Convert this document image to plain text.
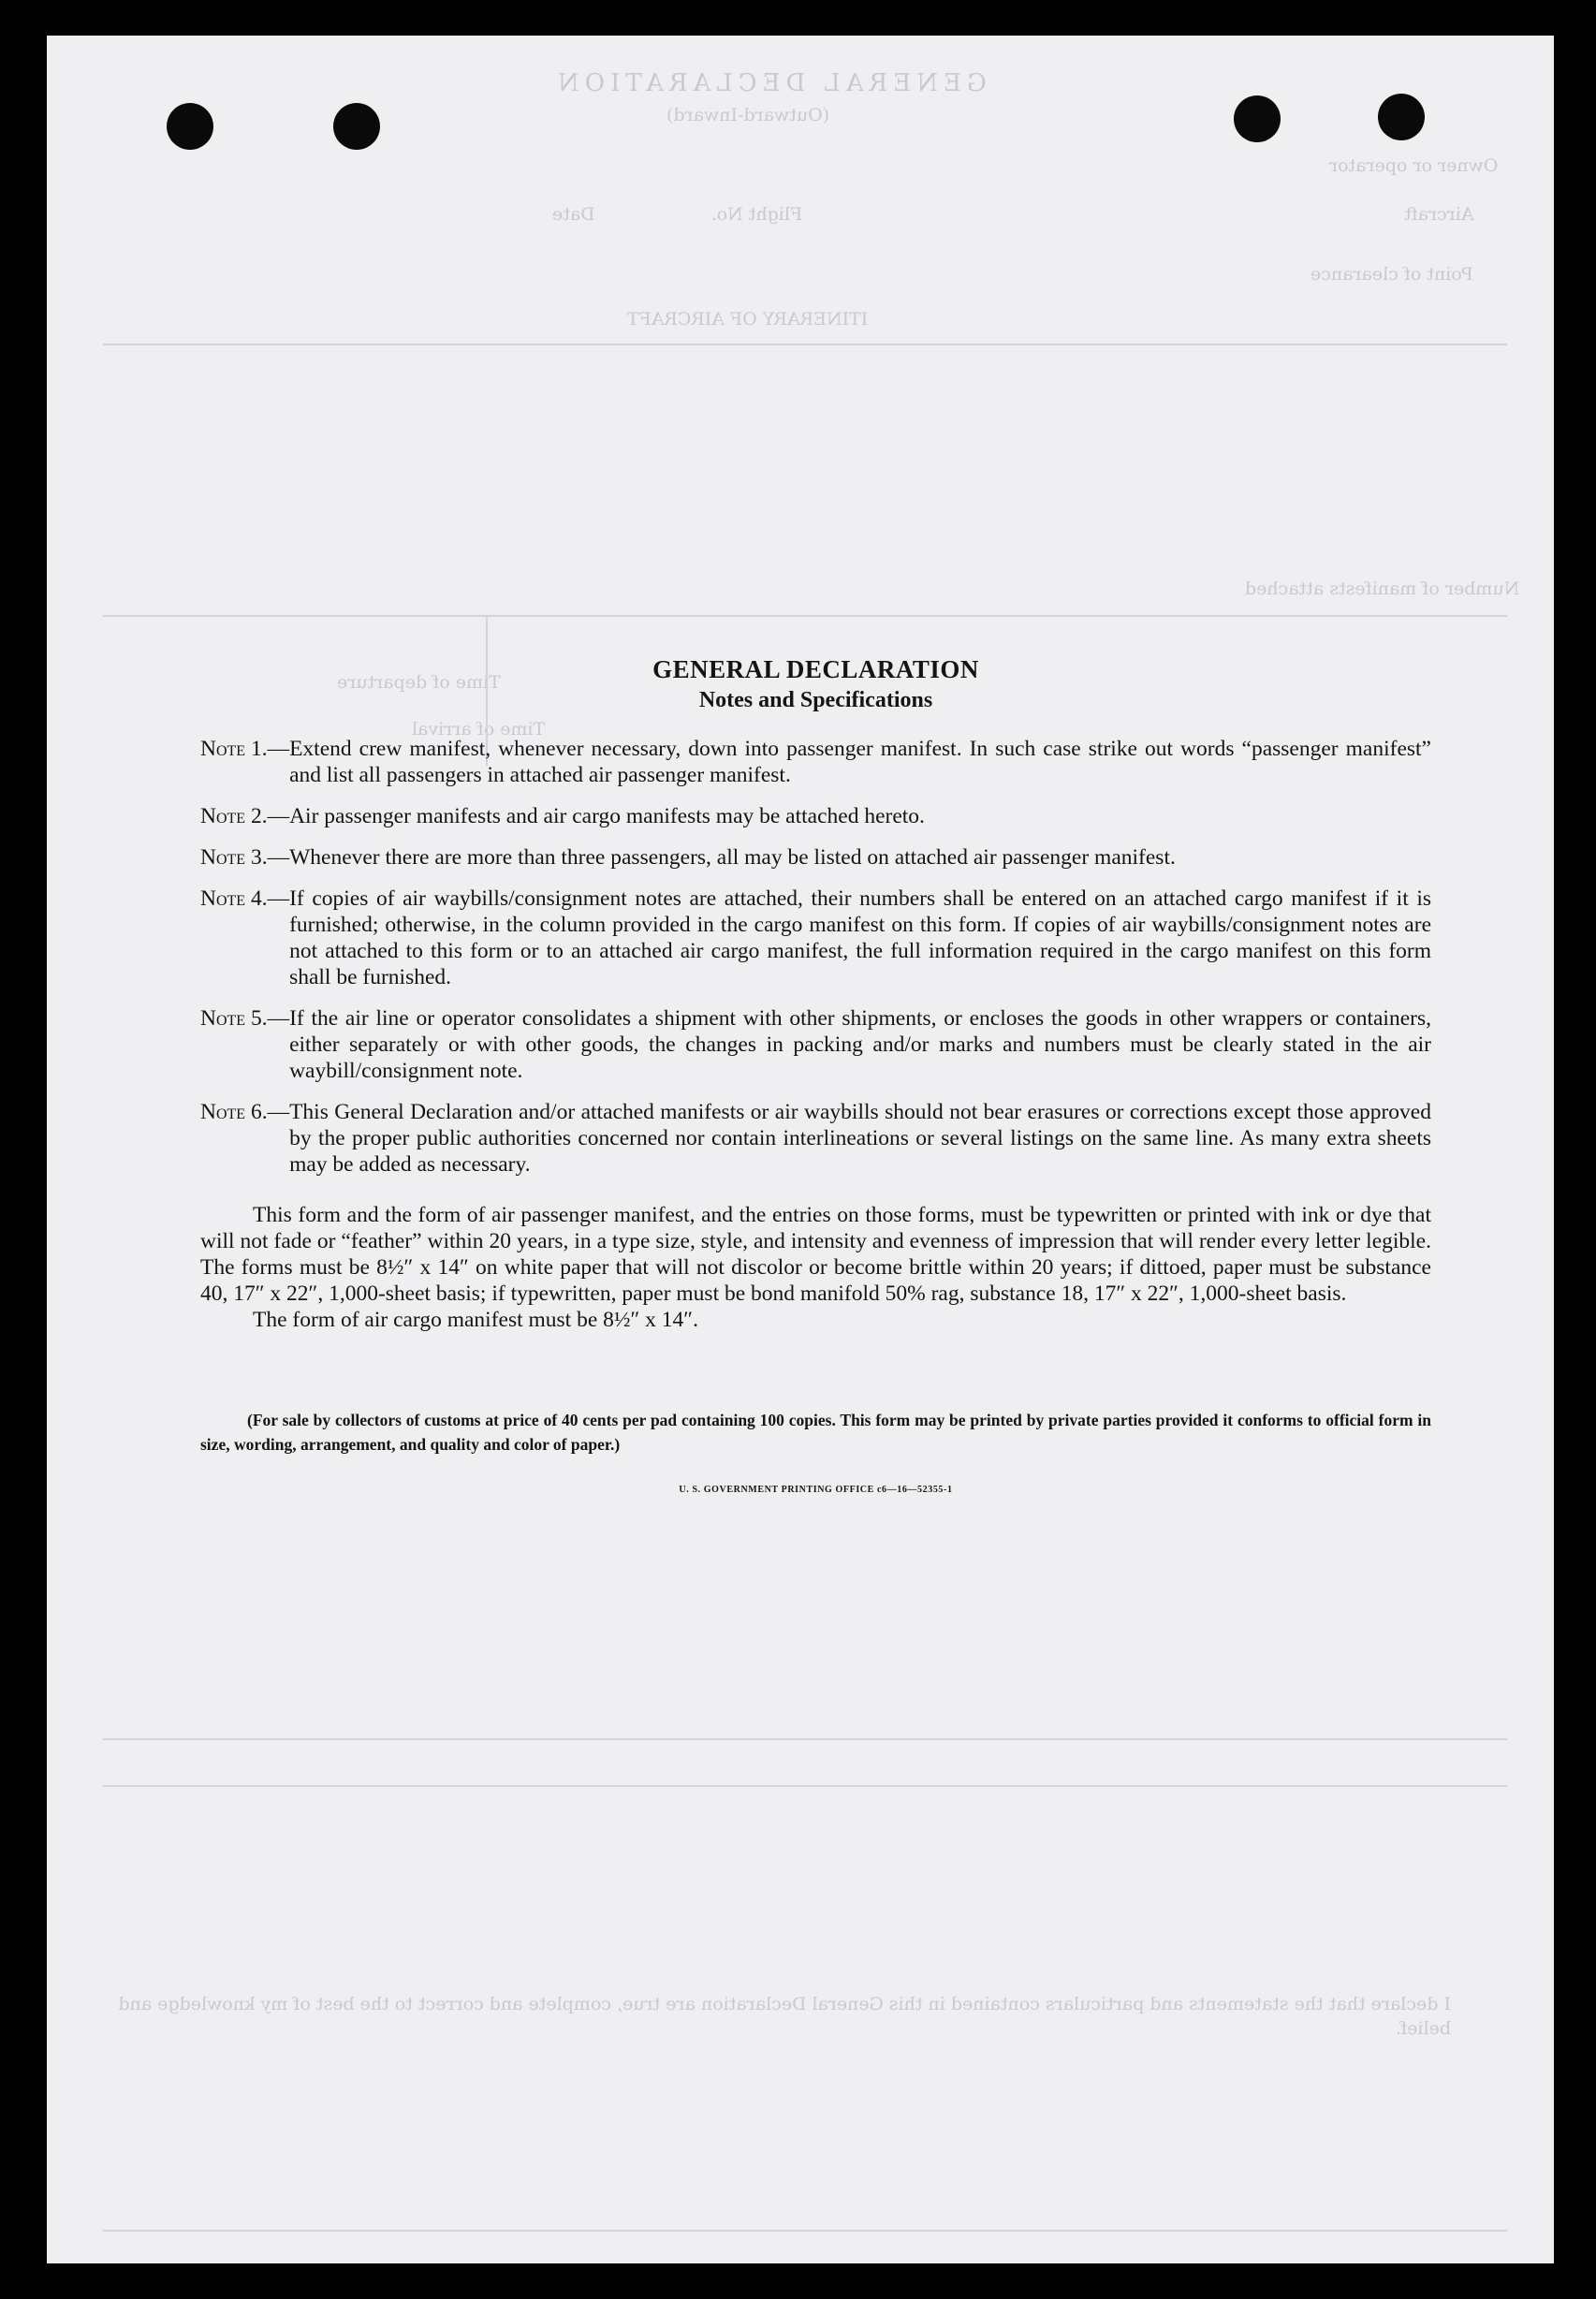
GENERAL DECLARATION
(Outward-Inward)
Owner or operator
Aircraft
Flight No.
Date
Point of clearance
ITINERARY OF AIRCRAFT
Number of manifests attached
Time of departure
Time of arrival
I declare that the statements and particulars contained in this General Declaration are true, complete and correct to the best of my knowledge and belief.
GENERAL DECLARATION
Notes and Specifications
Note 1.— Extend crew manifest, whenever necessary, down into passenger manifest. In such case strike out words “passenger manifest” and list all passengers in attached air passenger manifest.
Note 2.— Air passenger manifests and air cargo manifests may be attached hereto.
Note 3.— Whenever there are more than three passengers, all may be listed on attached air passenger manifest.
Note 4.— If copies of air waybills/consignment notes are attached, their numbers shall be entered on an attached cargo manifest if it is furnished; otherwise, in the column provided in the cargo manifest on this form. If copies of air waybills/consignment notes are not attached to this form or to an attached air cargo manifest, the full information required in the cargo manifest on this form shall be furnished.
Note 5.— If the air line or operator consolidates a shipment with other shipments, or encloses the goods in other wrappers or containers, either separately or with other goods, the changes in packing and/or marks and numbers must be clearly stated in the air waybill/consignment note.
Note 6.— This General Declaration and/or attached manifests or air waybills should not bear erasures or corrections except those approved by the proper public authorities concerned nor contain interlineations or several listings on the same line. As many extra sheets may be added as necessary.
This form and the form of air passenger manifest, and the entries on those forms, must be typewritten or printed with ink or dye that will not fade or “feather” within 20 years, in a type size, style, and intensity and evenness of impression that will render every letter legible. The forms must be 8½″ x 14″ on white paper that will not discolor or become brittle within 20 years; if dittoed, paper must be substance 40, 17″ x 22″, 1,000-sheet basis; if typewritten, paper must be bond manifold 50% rag, substance 18, 17″ x 22″, 1,000-sheet basis.
The form of air cargo manifest must be 8½″ x 14″.
(For sale by collectors of customs at price of 40 cents per pad containing 100 copies. This form may be printed by private parties provided it conforms to official form in size, wording, arrangement, and quality and color of paper.)
U. S. GOVERNMENT PRINTING OFFICE c6—16—52355-1
